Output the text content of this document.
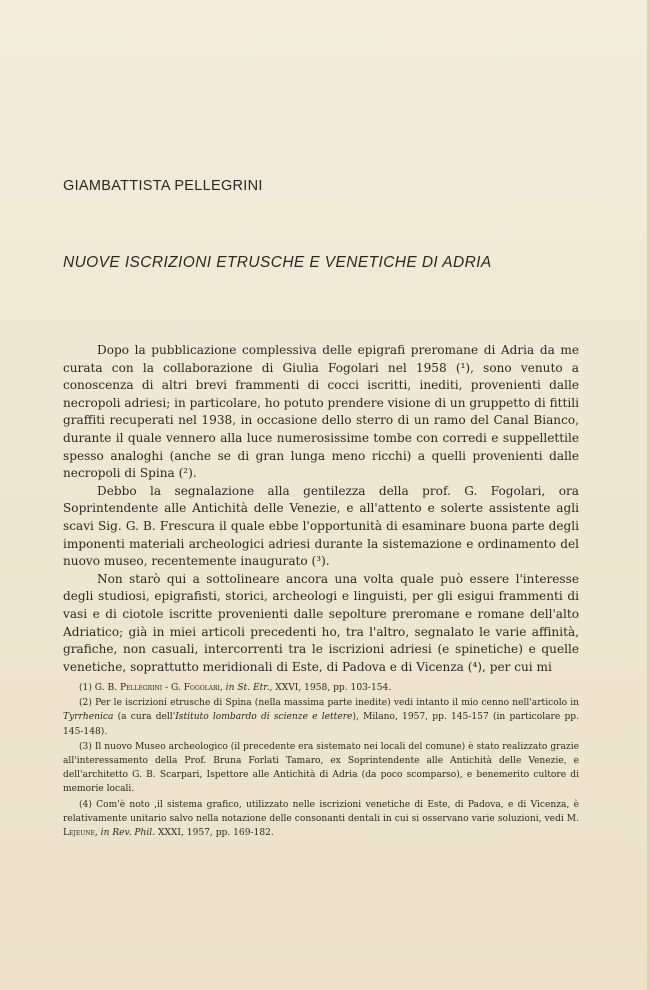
GIAMBATTISTA PELLEGRINI
NUOVE ISCRIZIONI ETRUSCHE E VENETICHE DI ADRIA

Dopo la pubblicazione complessiva delle epigrafi preromane di Adria da me curata con la collaborazione di Giulia Fogolari nel 1958 (¹), sono venuto a conoscenza di altri brevi frammenti di cocci iscritti, inediti, provenienti dalle necropoli adriesi; in particolare, ho potuto prendere visione di un gruppetto di fittili graffiti recuperati nel 1938, in occasione dello sterro di un ramo del Canal Bianco, durante il quale vennero alla luce numerosissime tombe con corredi e suppellettile spesso analoghi (anche se di gran lunga meno ricchi) a quelli provenienti dalle necropoli di Spina (²).

Debbo la segnalazione alla gentilezza della prof. G. Fogolari, ora Soprintendente alle Antichità delle Venezie, e all'attento e solerte assistente agli scavi Sig. G. B. Frescura il quale ebbe l'opportunità di esaminare buona parte degli imponenti materiali archeologici adriesi durante la sistemazione e ordinamento del nuovo museo, recentemente inaugurato (³).

Non starò qui a sottolineare ancora una volta quale può essere l'interesse degli studiosi, epigrafisti, storici, archeologi e linguisti, per gli esigui frammenti di vasi e di ciotole iscritte provenienti dalle sepolture preromane e romane dell'alto Adriatico; già in miei articoli precedenti ho, tra l'altro, segnalato le varie affinità, grafiche, non casuali, intercorrenti tra le iscrizioni adriesi (e spinetiche) e quelle venetiche, soprattutto meridionali di Este, di Padova e di Vicenza (⁴), per cui mi

(1) G. B. Pellegrini - G. Fogolari, in St. Etr., XXVI, 1958, pp. 103-154.

(2) Per le iscrizioni etrusche di Spina (nella massima parte inedite) vedi intanto il mio cenno nell'articolo in Tyrrhenica (a cura dell'Istituto lombardo di scienze e lettere), Milano, 1957, pp. 145-157 (in particolare pp. 145-148).

(3) Il nuovo Museo archeologico (il precedente era sistemato nei locali del comune) è stato realizzato grazie all'interessamento della Prof. Bruna Forlati Tamaro, ex Soprintendente alle Antichità delle Venezie, e dell'architetto G. B. Scarpari, Ispettore alle Antichità di Adria (da poco scomparso), e benemerito cultore di memorie locali.

(4) Com'è noto ,il sistema grafico, utilizzato nelle iscrizioni venetiche di Este, di Padova, e di Vicenza, è relativamente unitario salvo nella notazione delle consonanti dentali in cui si osservano varie soluzioni, vedi M. Lejeune, in Rev. Phil. XXXI, 1957, pp. 169-182.
